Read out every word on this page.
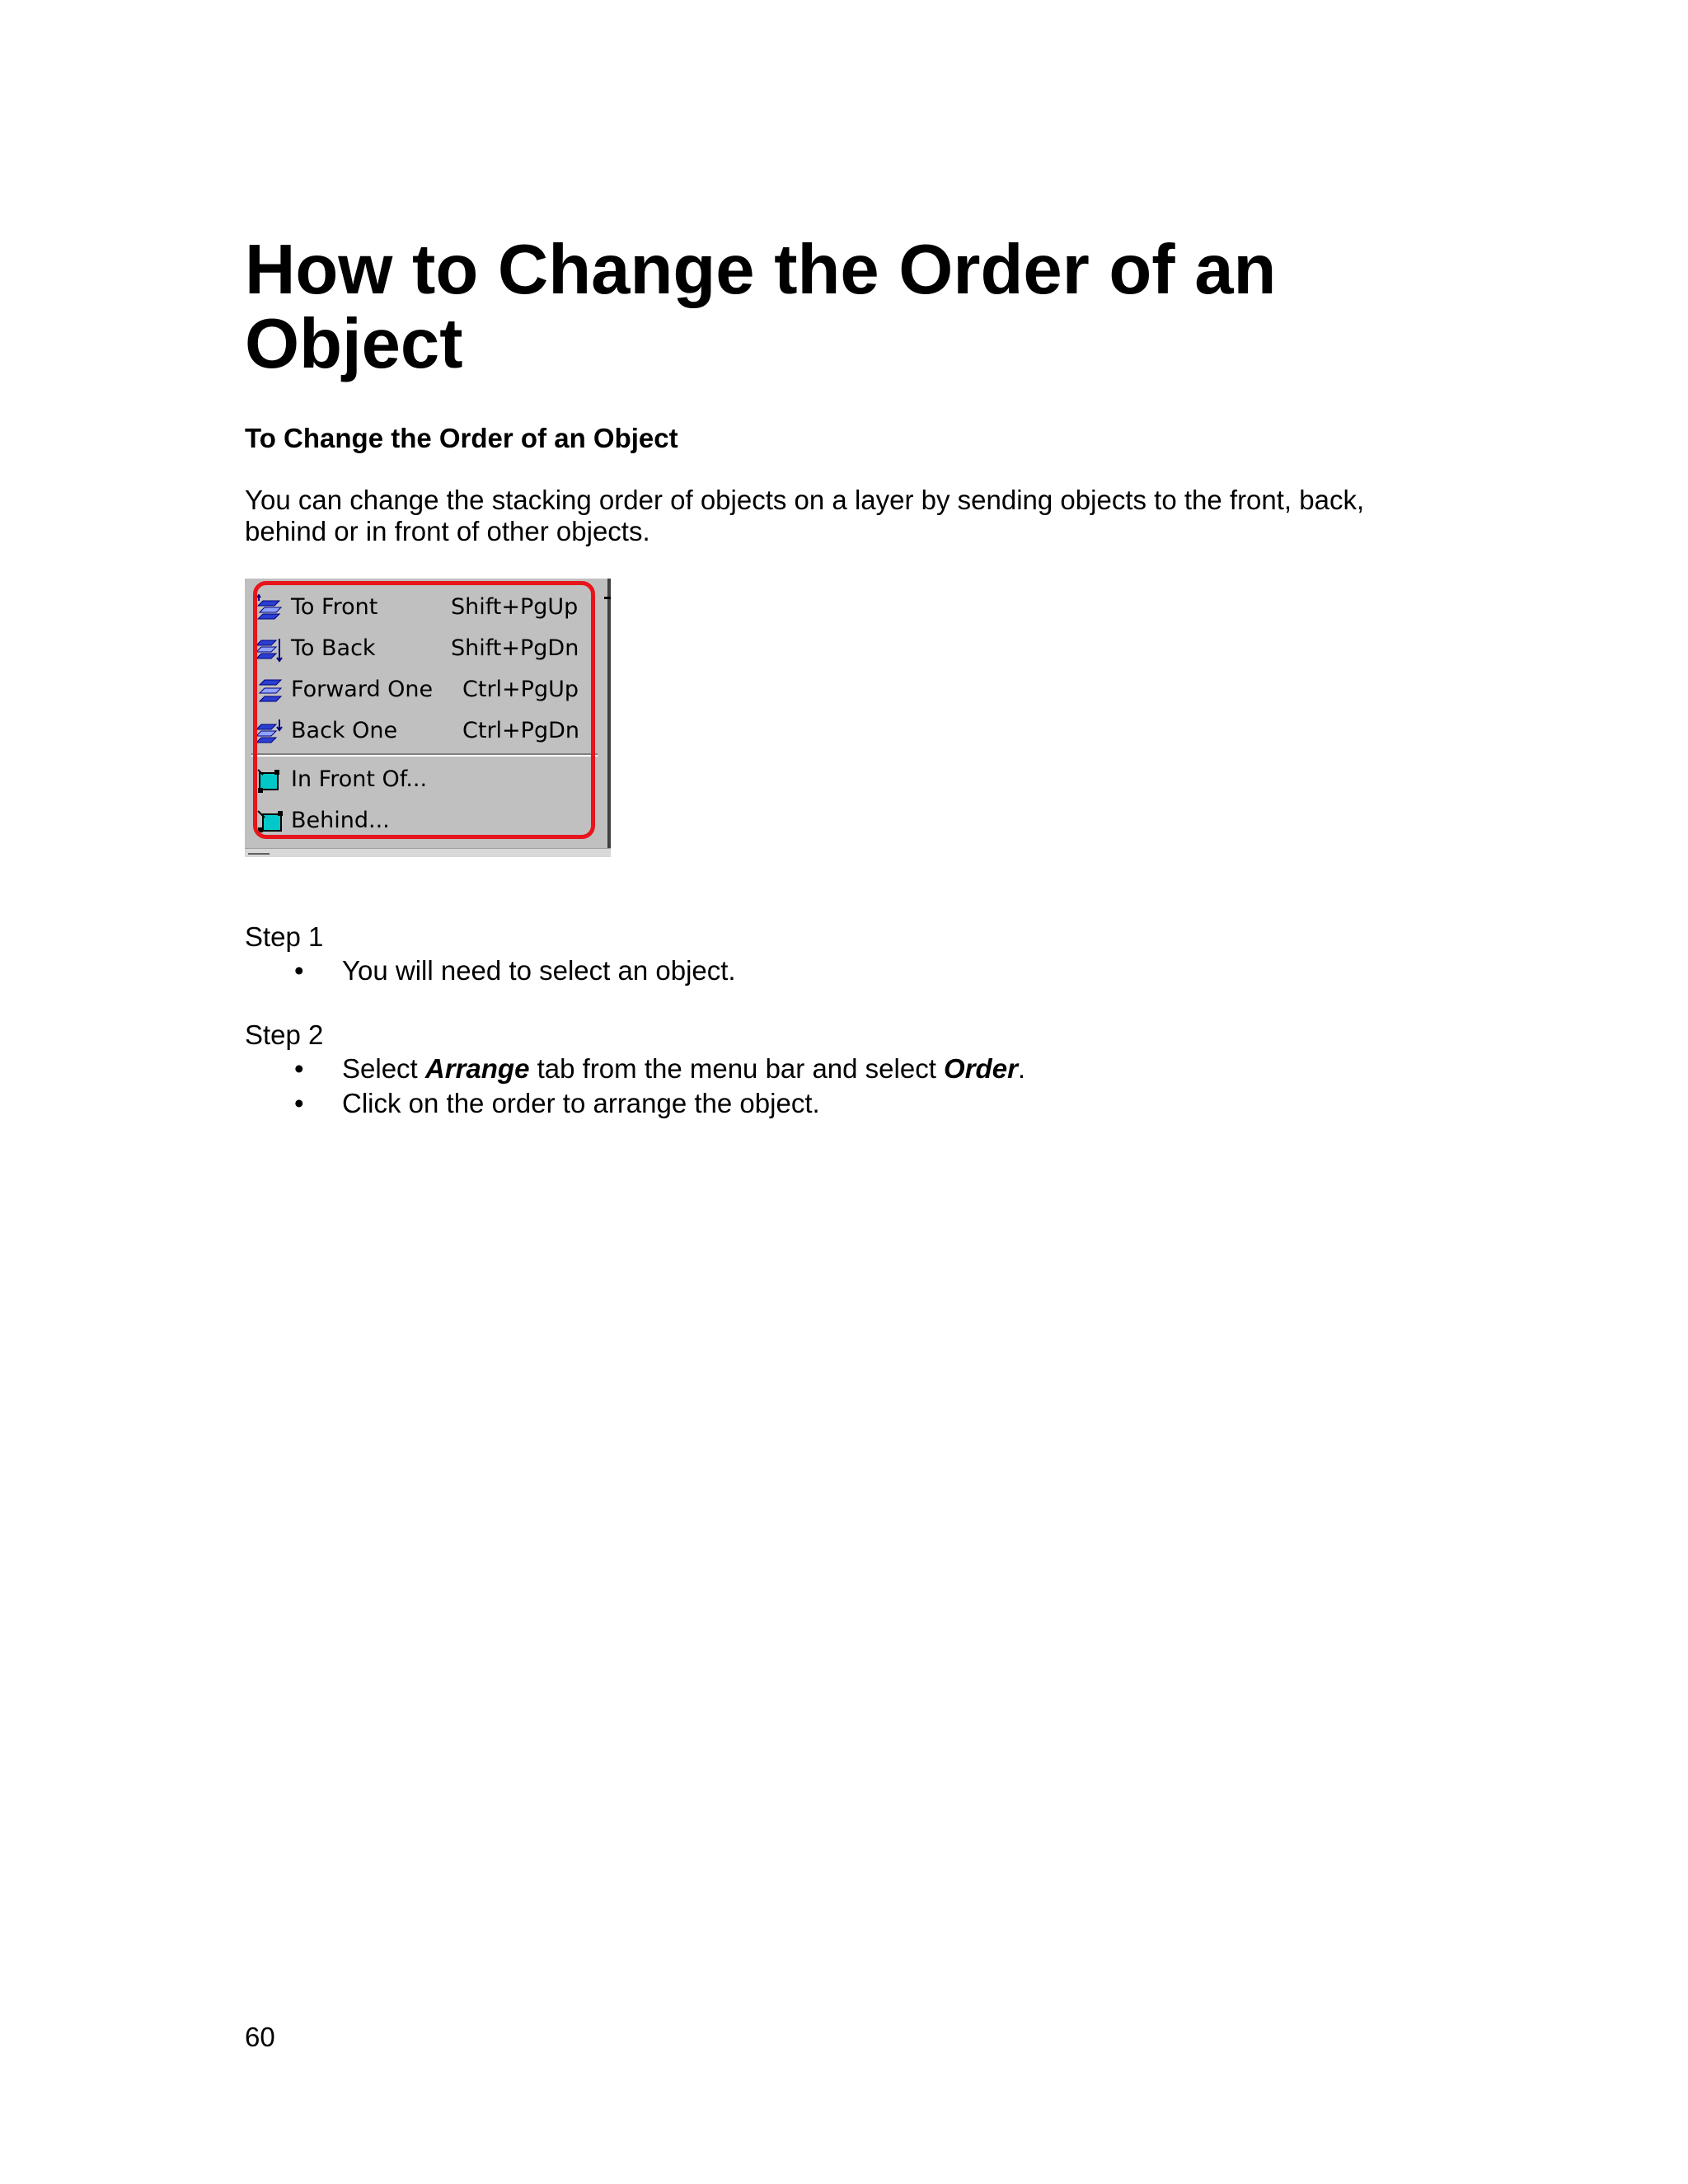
How to Change the Order of an Object

To Change the Order of an Object

You can change the stacking order of objects on a layer by sending objects to the front, back, behind or in front of other objects.

To Front	Shift+PgUp
To Back	Shift+PgDn
Forward One Ctrl+PgUp
Back One	Ctrl+PgDn
In Front Of...
Behind...

Step 1

• You will need to select an object.

Step 2

• Select Arrange tab from the menu bar and select Order.
• Click on the order to arrange the object.

60
